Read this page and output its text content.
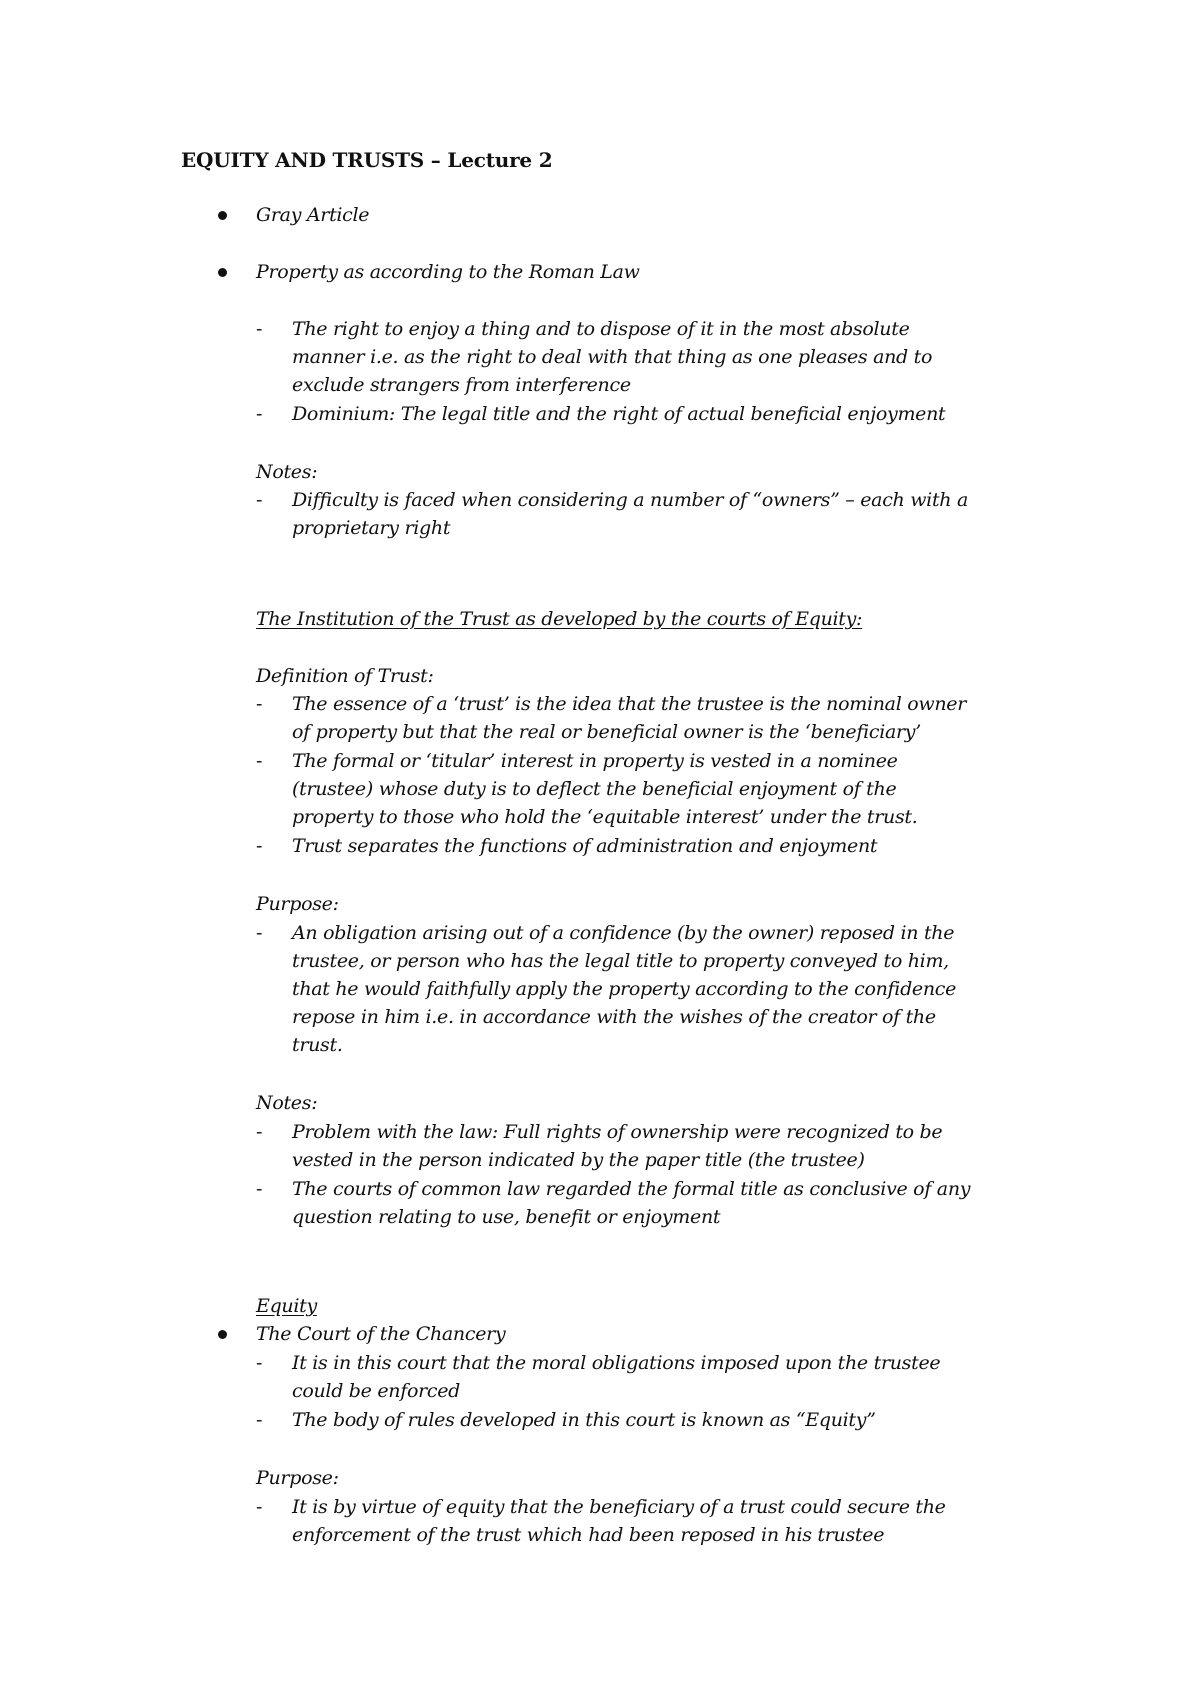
EQUITY AND TRUSTS – Lecture 2
Gray Article
Property as according to the Roman Law
- The right to enjoy a thing and to dispose of it in the most absolute
manner i.e. as the right to deal with that thing as one pleases and to
exclude strangers from interference
- Dominium: The legal title and the right of actual beneficial enjoyment
Notes:
- Difficulty is faced when considering a number of “owners” – each with a
proprietary right
The Institution of the Trust as developed by the courts of Equity:
Definition of Trust:
- The essence of a ‘trust’ is the idea that the trustee is the nominal owner
of property but that the real or beneficial owner is the ‘beneficiary’
- The formal or ‘titular’ interest in property is vested in a nominee
(trustee) whose duty is to deflect the beneficial enjoyment of the
property to those who hold the ‘equitable interest’ under the trust.
- Trust separates the functions of administration and enjoyment
Purpose:
- An obligation arising out of a confidence (by the owner) reposed in the
trustee, or person who has the legal title to property conveyed to him,
that he would faithfully apply the property according to the confidence
repose in him i.e. in accordance with the wishes of the creator of the
trust.
Notes:
- Problem with the law: Full rights of ownership were recognized to be
vested in the person indicated by the paper title (the trustee)
- The courts of common law regarded the formal title as conclusive of any
question relating to use, benefit or enjoyment
Equity
The Court of the Chancery
- It is in this court that the moral obligations imposed upon the trustee
could be enforced
- The body of rules developed in this court is known as “Equity”
Purpose:
- It is by virtue of equity that the beneficiary of a trust could secure the
enforcement of the trust which had been reposed in his trustee
